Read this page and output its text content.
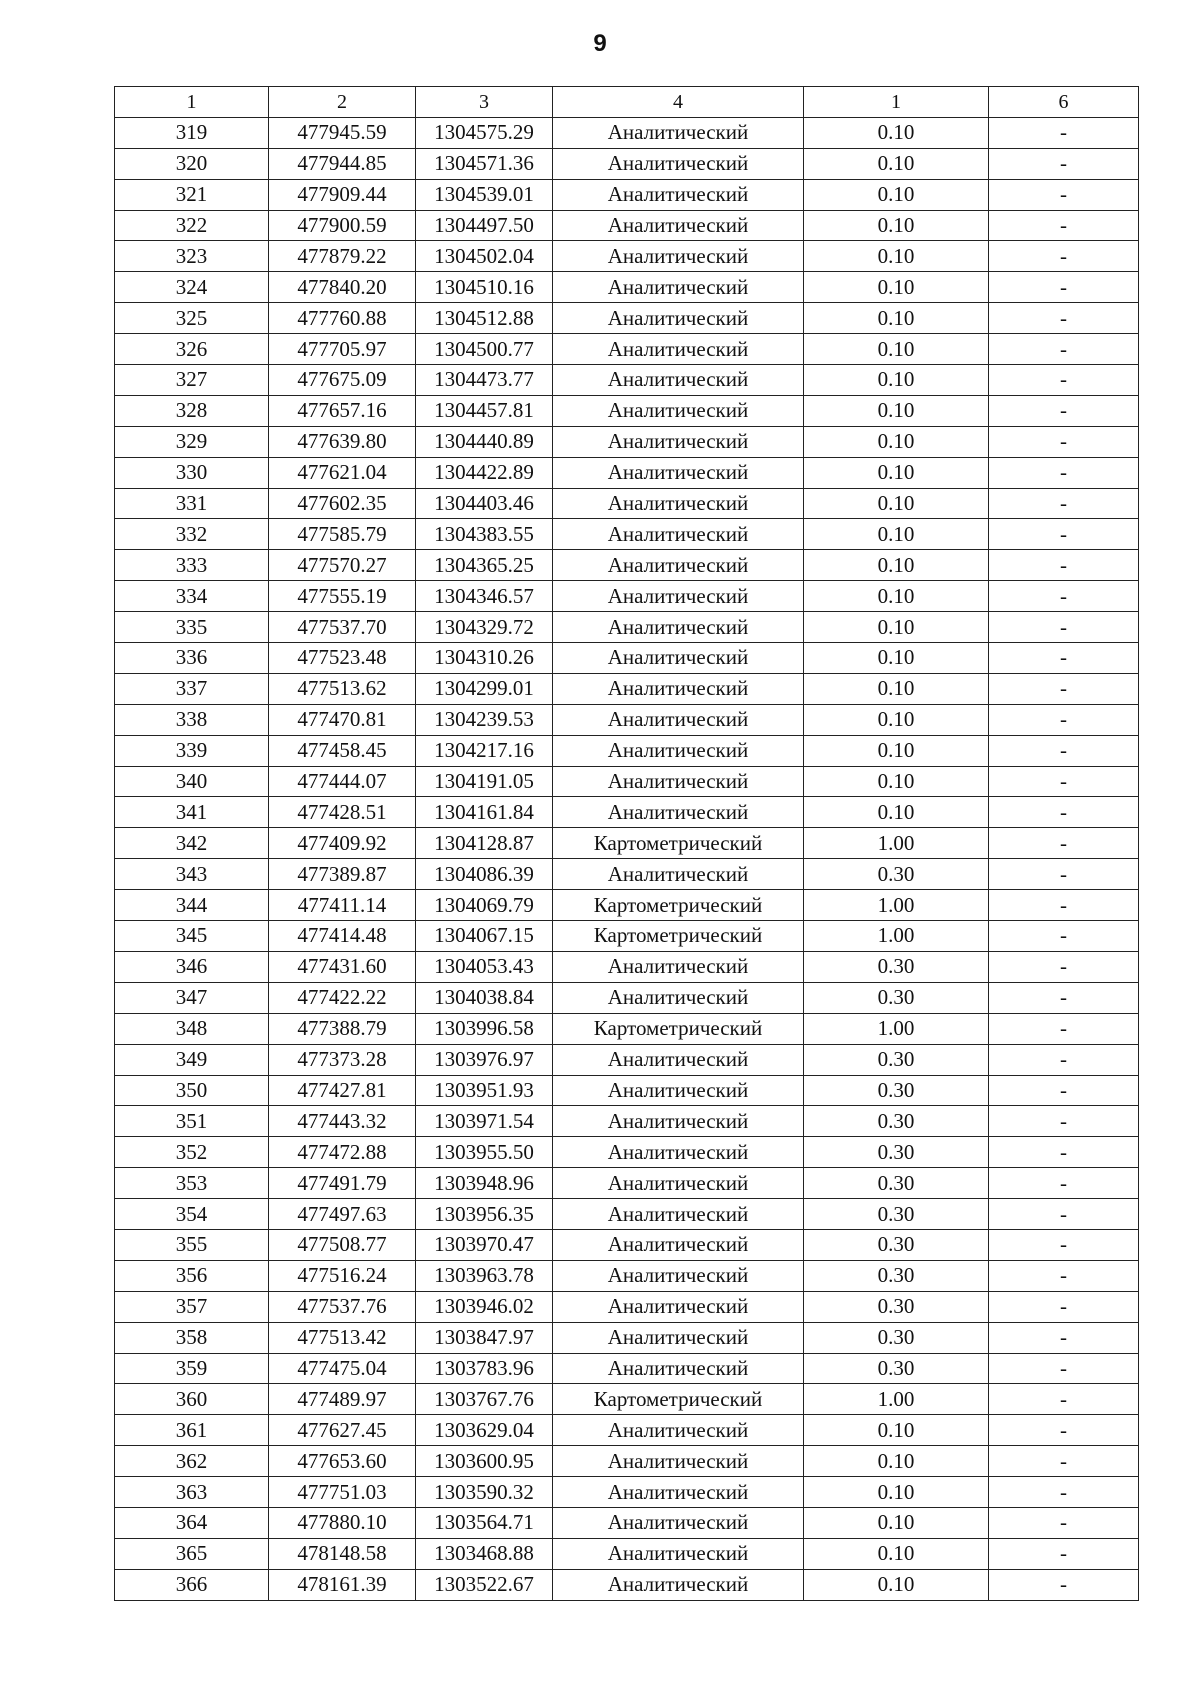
9
1	2	3	4	1	6
319	477945.59	1304575.29	Аналитический	0.10	-
320	477944.85	1304571.36	Аналитический	0.10	-
321	477909.44	1304539.01	Аналитический	0.10	-
322	477900.59	1304497.50	Аналитический	0.10	-
323	477879.22	1304502.04	Аналитический	0.10	-
324	477840.20	1304510.16	Аналитический	0.10	-
325	477760.88	1304512.88	Аналитический	0.10	-
326	477705.97	1304500.77	Аналитический	0.10	-
327	477675.09	1304473.77	Аналитический	0.10	-
328	477657.16	1304457.81	Аналитический	0.10	-
329	477639.80	1304440.89	Аналитический	0.10	-
330	477621.04	1304422.89	Аналитический	0.10	-
331	477602.35	1304403.46	Аналитический	0.10	-
332	477585.79	1304383.55	Аналитический	0.10	-
333	477570.27	1304365.25	Аналитический	0.10	-
334	477555.19	1304346.57	Аналитический	0.10	-
335	477537.70	1304329.72	Аналитический	0.10	-
336	477523.48	1304310.26	Аналитический	0.10	-
337	477513.62	1304299.01	Аналитический	0.10	-
338	477470.81	1304239.53	Аналитический	0.10	-
339	477458.45	1304217.16	Аналитический	0.10	-
340	477444.07	1304191.05	Аналитический	0.10	-
341	477428.51	1304161.84	Аналитический	0.10	-
342	477409.92	1304128.87	Картометрический	1.00	-
343	477389.87	1304086.39	Аналитический	0.30	-
344	477411.14	1304069.79	Картометрический	1.00	-
345	477414.48	1304067.15	Картометрический	1.00	-
346	477431.60	1304053.43	Аналитический	0.30	-
347	477422.22	1304038.84	Аналитический	0.30	-
348	477388.79	1303996.58	Картометрический	1.00	-
349	477373.28	1303976.97	Аналитический	0.30	-
350	477427.81	1303951.93	Аналитический	0.30	-
351	477443.32	1303971.54	Аналитический	0.30	-
352	477472.88	1303955.50	Аналитический	0.30	-
353	477491.79	1303948.96	Аналитический	0.30	-
354	477497.63	1303956.35	Аналитический	0.30	-
355	477508.77	1303970.47	Аналитический	0.30	-
356	477516.24	1303963.78	Аналитический	0.30	-
357	477537.76	1303946.02	Аналитический	0.30	-
358	477513.42	1303847.97	Аналитический	0.30	-
359	477475.04	1303783.96	Аналитический	0.30	-
360	477489.97	1303767.76	Картометрический	1.00	-
361	477627.45	1303629.04	Аналитический	0.10	-
362	477653.60	1303600.95	Аналитический	0.10	-
363	477751.03	1303590.32	Аналитический	0.10	-
364	477880.10	1303564.71	Аналитический	0.10	-
365	478148.58	1303468.88	Аналитический	0.10	-
366	478161.39	1303522.67	Аналитический	0.10	-
